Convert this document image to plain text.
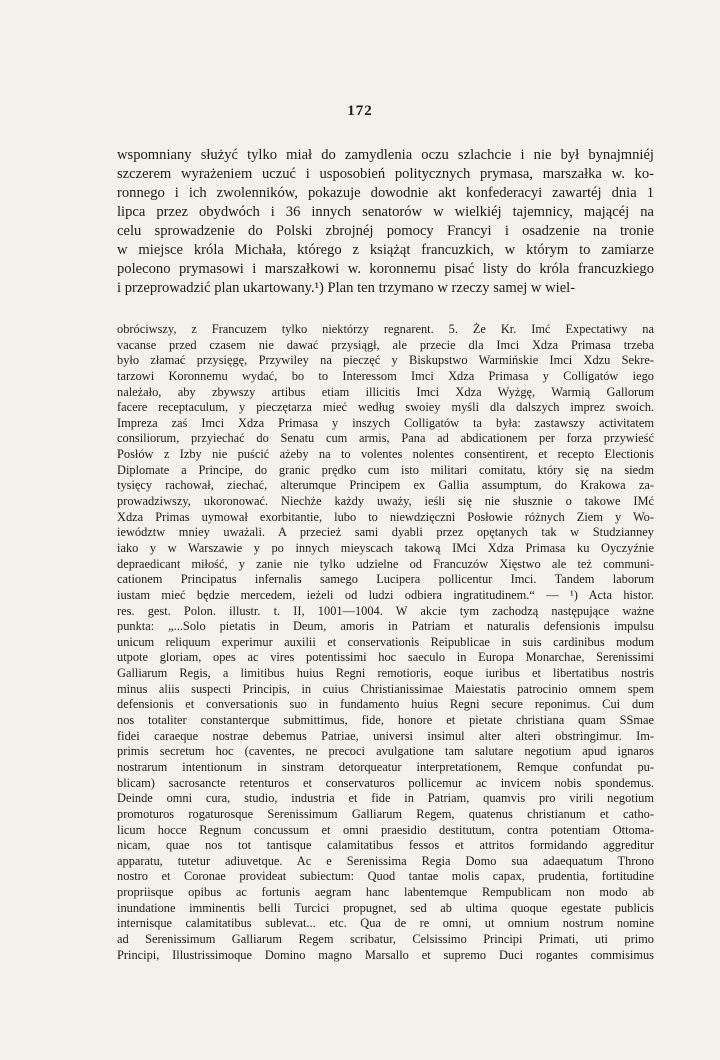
172
wspomniany służyć tylko miał do zamydlenia oczu szlachcie i nie był bynajmniéj
szczerem wyrażeniem uczuć i usposobień politycznych prymasa, marszałka w. ko-
ronnego i ich zwolenników, pokazuje dowodnie akt konfederacyi zawartéj dnia 1
lipca przez obydwóch i 36 innych senatorów w wielkiéj tajemnicy, mającéj na
celu sprowadzenie do Polski zbrojnéj pomocy Francyi i osadzenie na tronie
w miejsce króla Michała, którego z książąt francuzkich, w którym to zamiarze
polecono prymasowi i marszałkowi w. koronnemu pisać listy do króla francuzkiego
i przeprowadzić plan ukartowany.¹) Plan ten trzymano w rzeczy samej w wiel-
obróciwszy, z Francuzem tylko niektórzy regnarent. 5. Że Kr. Imć Expectatiwy na
vacanse przed czasem nie dawać przysiągł, ale przecie dla Imci Xdza Primasa trzeba
było złamać przysięgę, Przywiley na pieczęć y Biskupstwo Warmińskie Imci Xdzu Sekre-
tarzowi Koronnemu wydać, bo to Interessom Imci Xdza Primasa y Colligatów iego
należało, aby zbywszy artibus etiam illicitis Imci Xdza Wyżgę, Warmią Gallorum
facere receptaculum, y pieczętarza mieć według swoiey myśli dla dalszych imprez swoich.
Impreza zaś Imci Xdza Primasa y inszych Colligatów ta była: zastawszy activitatem
consiliorum, przyiechać do Senatu cum armis, Pana ad abdicationem per forza przywieść
Posłów z Izby nie puścić ażeby na to volentes nolentes consentirent, et recepto Electionis
Diplomate a Principe, do granic prędko cum isto militari comitatu, który się na siedm
tysięcy rachował, ziechać, alterumque Principem ex Gallia assumptum, do Krakowa za-
prowadziwszy, ukoronować. Niechże każdy uważy, ieśli się nie słusznie o takowe IMć
Xdza Primas uymował exorbitantie, lubo to niewdzięczni Posłowie różnych Ziem y Wo-
iewództw mniey uważali. A przecież sami dyabli przez opętanych tak w Studzianney
iako y w Warszawie y po innych mieyscach takową IMci Xdza Primasa ku Oyczyźnie
depraedicant miłość, y zanie nie tylko udzielne od Francuzów Xięstwo ale też communi-
cationem Principatus infernalis samego Lucipera pollicentur Imci. Tandem laborum
iustam mieć będzie mercedem, ieżeli od ludzi odbiera ingratitudinem.“ — ¹) Acta histor.
res. gest. Polon. illustr. t. II, 1001—1004. W akcie tym zachodzą następujące ważne
punkta: „...Solo pietatis in Deum, amoris in Patriam et naturalis defensionis impulsu
unicum reliquum experimur auxilii et conservationis Reipublicae in suis cardinibus modum
utpote gloriam, opes ac vires potentissimi hoc saeculo in Europa Monarchae, Serenissimi
Galliarum Regis, a limitibus huius Regni remotioris, eoque iuribus et libertatibus nostris
minus aliis suspecti Principis, in cuius Christianissimae Maiestatis patrocinio omnem spem
defensionis et conversationis suo in fundamento huius Regni secure reponimus. Cui dum
nos totaliter constanterque submittimus, fide, honore et pietate christiana quam SSmae
fidei caraeque nostrae debemus Patriae, universi insimul alter alteri obstringimur. Im-
primis secretum hoc (caventes, ne precoci avulgatione tam salutare negotium apud ignaros
nostrarum intentionum in sinstram detorqueatur interpretationem, Remque confundat pu-
blicam) sacrosancte retenturos et conservaturos pollicemur ac invicem nobis spondemus.
Deinde omni cura, studio, industria et fide in Patriam, quamvis pro virili negotium
promoturos rogaturosque Serenissimum Galliarum Regem, quatenus christianum et catho-
licum hocce Regnum concussum et omni praesidio destitutum, contra potentiam Ottoma-
nicam, quae nos tot tantisque calamitatibus fessos et attritos formidando aggreditur
apparatu, tutetur adiuvetque. Ac e Serenissima Regia Domo sua adaequatum Throno
nostro et Coronae provideat subiectum: Quod tantae molis capax, prudentia, fortitudine
propriisque opibus ac fortunis aegram hanc labentemque Rempublicam non modo ab
inundatione imminentis belli Turcici propugnet, sed ab ultima quoque egestate publicis
internisque calamitatibus sublevat... etc. Qua de re omni, ut omnium nostrum nomine
ad Serenissimum Galliarum Regem scribatur, Celsissimo Principi Primati, uti primo
Principi, Illustrissimoque Domino magno Marsallo et supremo Duci rogantes commisimus
